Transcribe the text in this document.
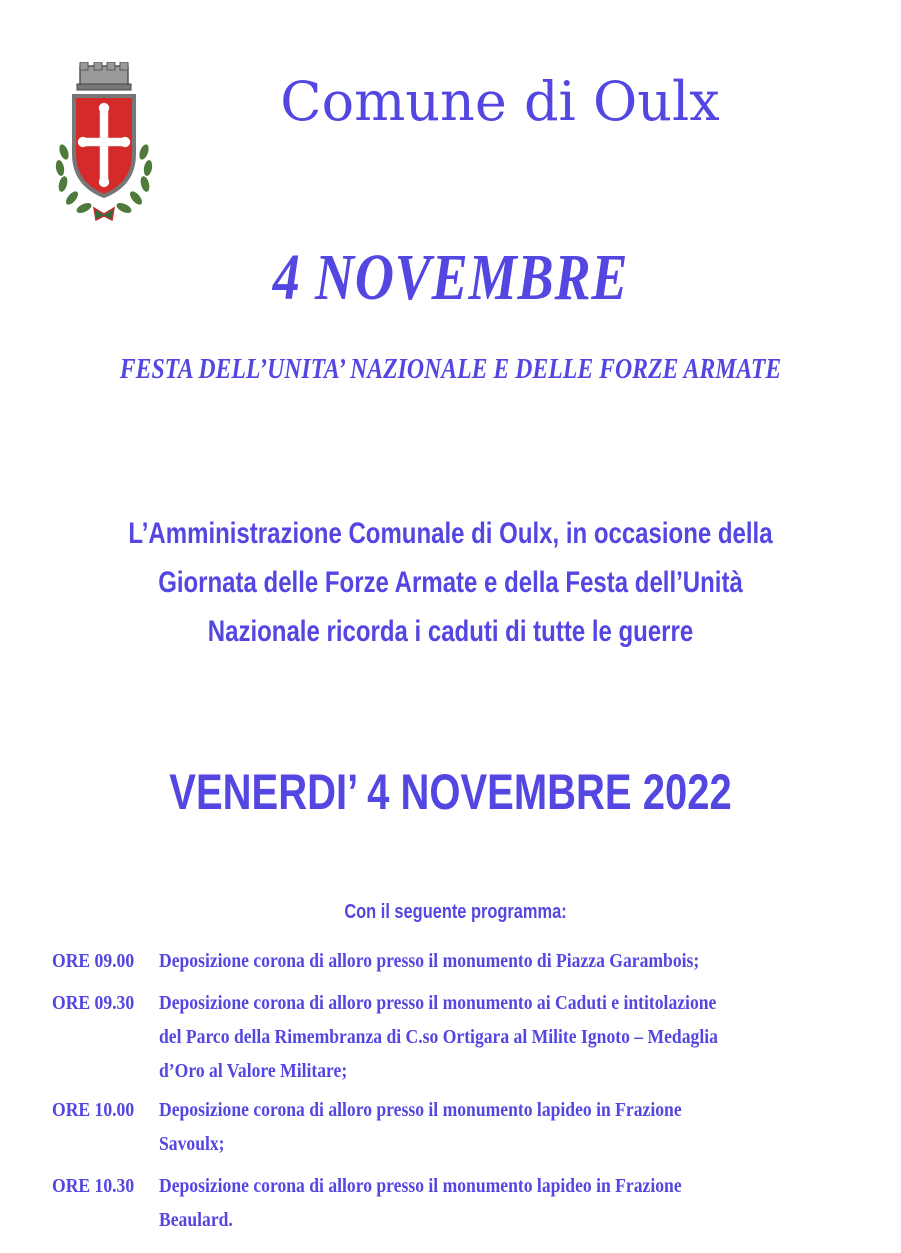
Comune di Oulx
4 NOVEMBRE
FESTA DELL’UNITA’ NAZIONALE E DELLE FORZE ARMATE
L’Amministrazione Comunale di Oulx, in occasione della
Giornata delle Forze Armate e della Festa dell’Unità
Nazionale ricorda i caduti di tutte le guerre
VENERDI’ 4 NOVEMBRE 2022
Con il seguente programma:
ORE 09.00 Deposizione corona di alloro presso il monumento di Piazza Garambois;
ORE 09.30 Deposizione corona di alloro presso il monumento ai Caduti e intitolazione
del Parco della Rimembranza di C.so Ortigara al Milite Ignoto – Medaglia
d’Oro al Valore Militare;
ORE 10.00 Deposizione corona di alloro presso il monumento lapideo in Frazione
Savoulx;
ORE 10.30 Deposizione corona di alloro presso il monumento lapideo in Frazione
Beaulard.
